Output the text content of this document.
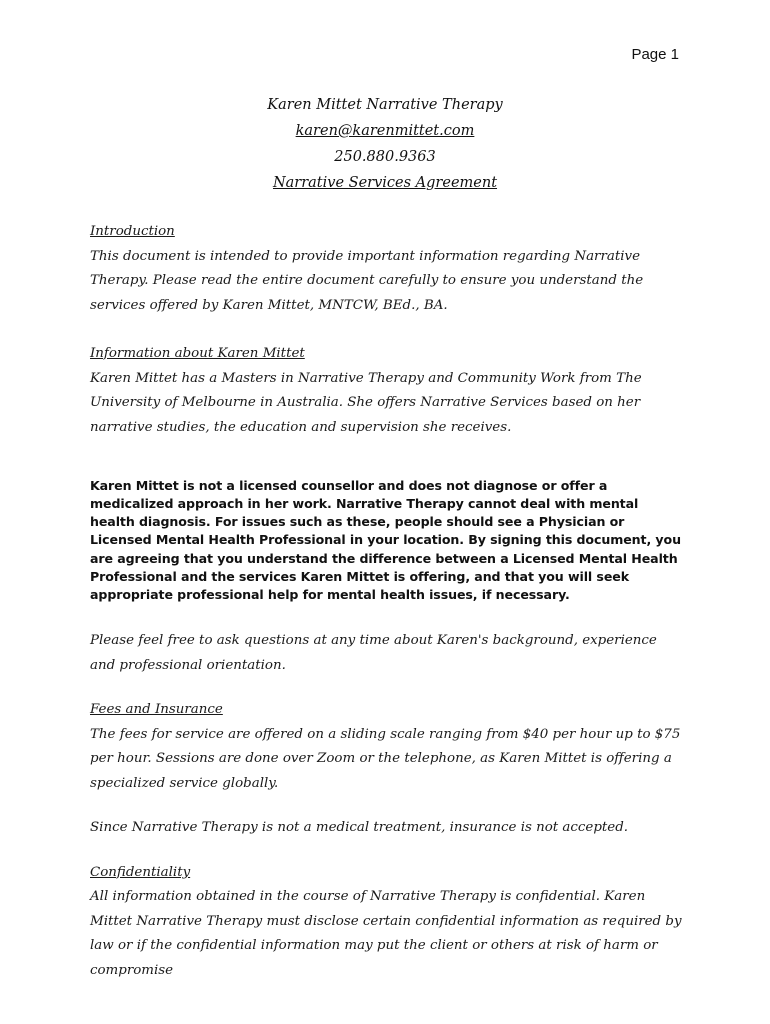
Page 1
Karen Mittet Narrative Therapy
karen@karenmittet.com
250.880.9363
Narrative Services Agreement
Introduction

This document is intended to provide important information regarding Narrative Therapy. Please read the entire document carefully to ensure you understand the services offered by Karen Mittet, MNTCW, BEd., BA.

Information about Karen Mittet

Karen Mittet has a Masters in Narrative Therapy and Community Work from The University of Melbourne in Australia. She offers Narrative Services based on her narrative studies, the education and supervision she receives.

Karen Mittet is not a licensed counsellor and does not diagnose or offer a medicalized approach in her work. Narrative Therapy cannot deal with mental health diagnosis. For issues such as these, people should see a Physician or Licensed Mental Health Professional in your location. By signing this document, you are agreeing that you understand the difference between a Licensed Mental Health Professional and the services Karen Mittet is offering, and that you will seek appropriate professional help for mental health issues, if necessary.

Please feel free to ask questions at any time about Karen's background, experience and professional orientation.

Fees and Insurance

The fees for service are offered on a sliding scale ranging from $40 per hour up to $75 per hour. Sessions are done over Zoom or the telephone, as Karen Mittet is offering a specialized service globally.

Since Narrative Therapy is not a medical treatment, insurance is not accepted.

Confidentiality

All information obtained in the course of Narrative Therapy is confidential. Karen Mittet Narrative Therapy must disclose certain confidential information as required by law or if the confidential information may put the client or others at risk of harm or compromise
